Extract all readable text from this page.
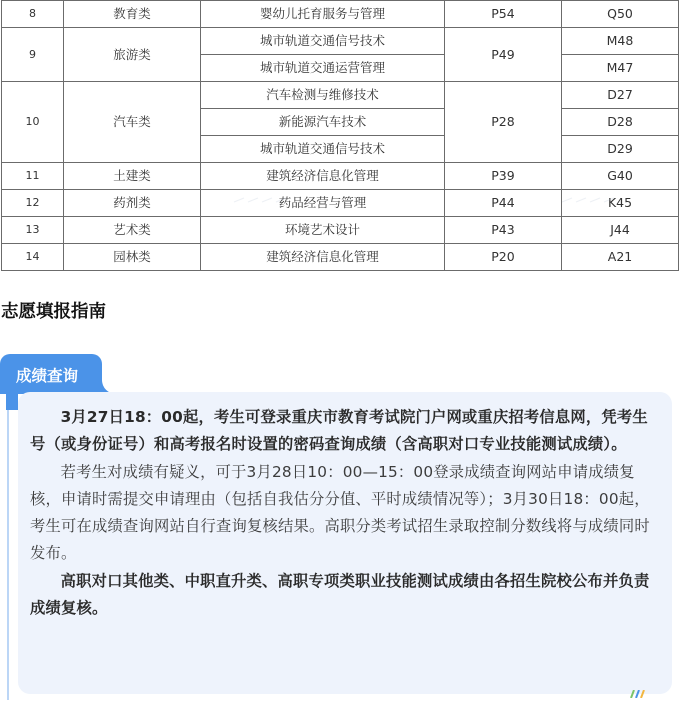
8	教育类	婴幼儿托育服务与管理	P54	Q50
9	旅游类	城市轨道交通信号技术	P49	M48
		城市轨道交通运营管理		M47
10	汽车类	汽车检测与维修技术	P28	D27
		新能源汽车技术		D28
		城市轨道交通信号技术		D29
11	土建类	建筑经济信息化管理	P39	G40
12	药剂类	药品经营与管理	P44	K45
13	艺术类	环境艺术设计	P43	J44
14	园林类	建筑经济信息化管理	P20	A21
志愿填报指南
成绩查询

3月27日18：00起，考生可登录重庆市教育考试院门户网或重庆招考信息网，凭考生号（或身份证号）和高考报名时设置的密码查询成绩（含高职对口专业技能测试成绩）。

若考生对成绩有疑义，可于3月28日10：00—15：00登录成绩查询网站申请成绩复核，申请时需提交申请理由（包括自我估分分值、平时成绩情况等）；3月30日18：00起，考生可在成绩查询网站自行查询复核结果。高职分类考试招生录取控制分数线将与成绩同时发布。

高职对口其他类、中职直升类、高职专项类职业技能测试成绩由各招生院校公布并负责成绩复核。
